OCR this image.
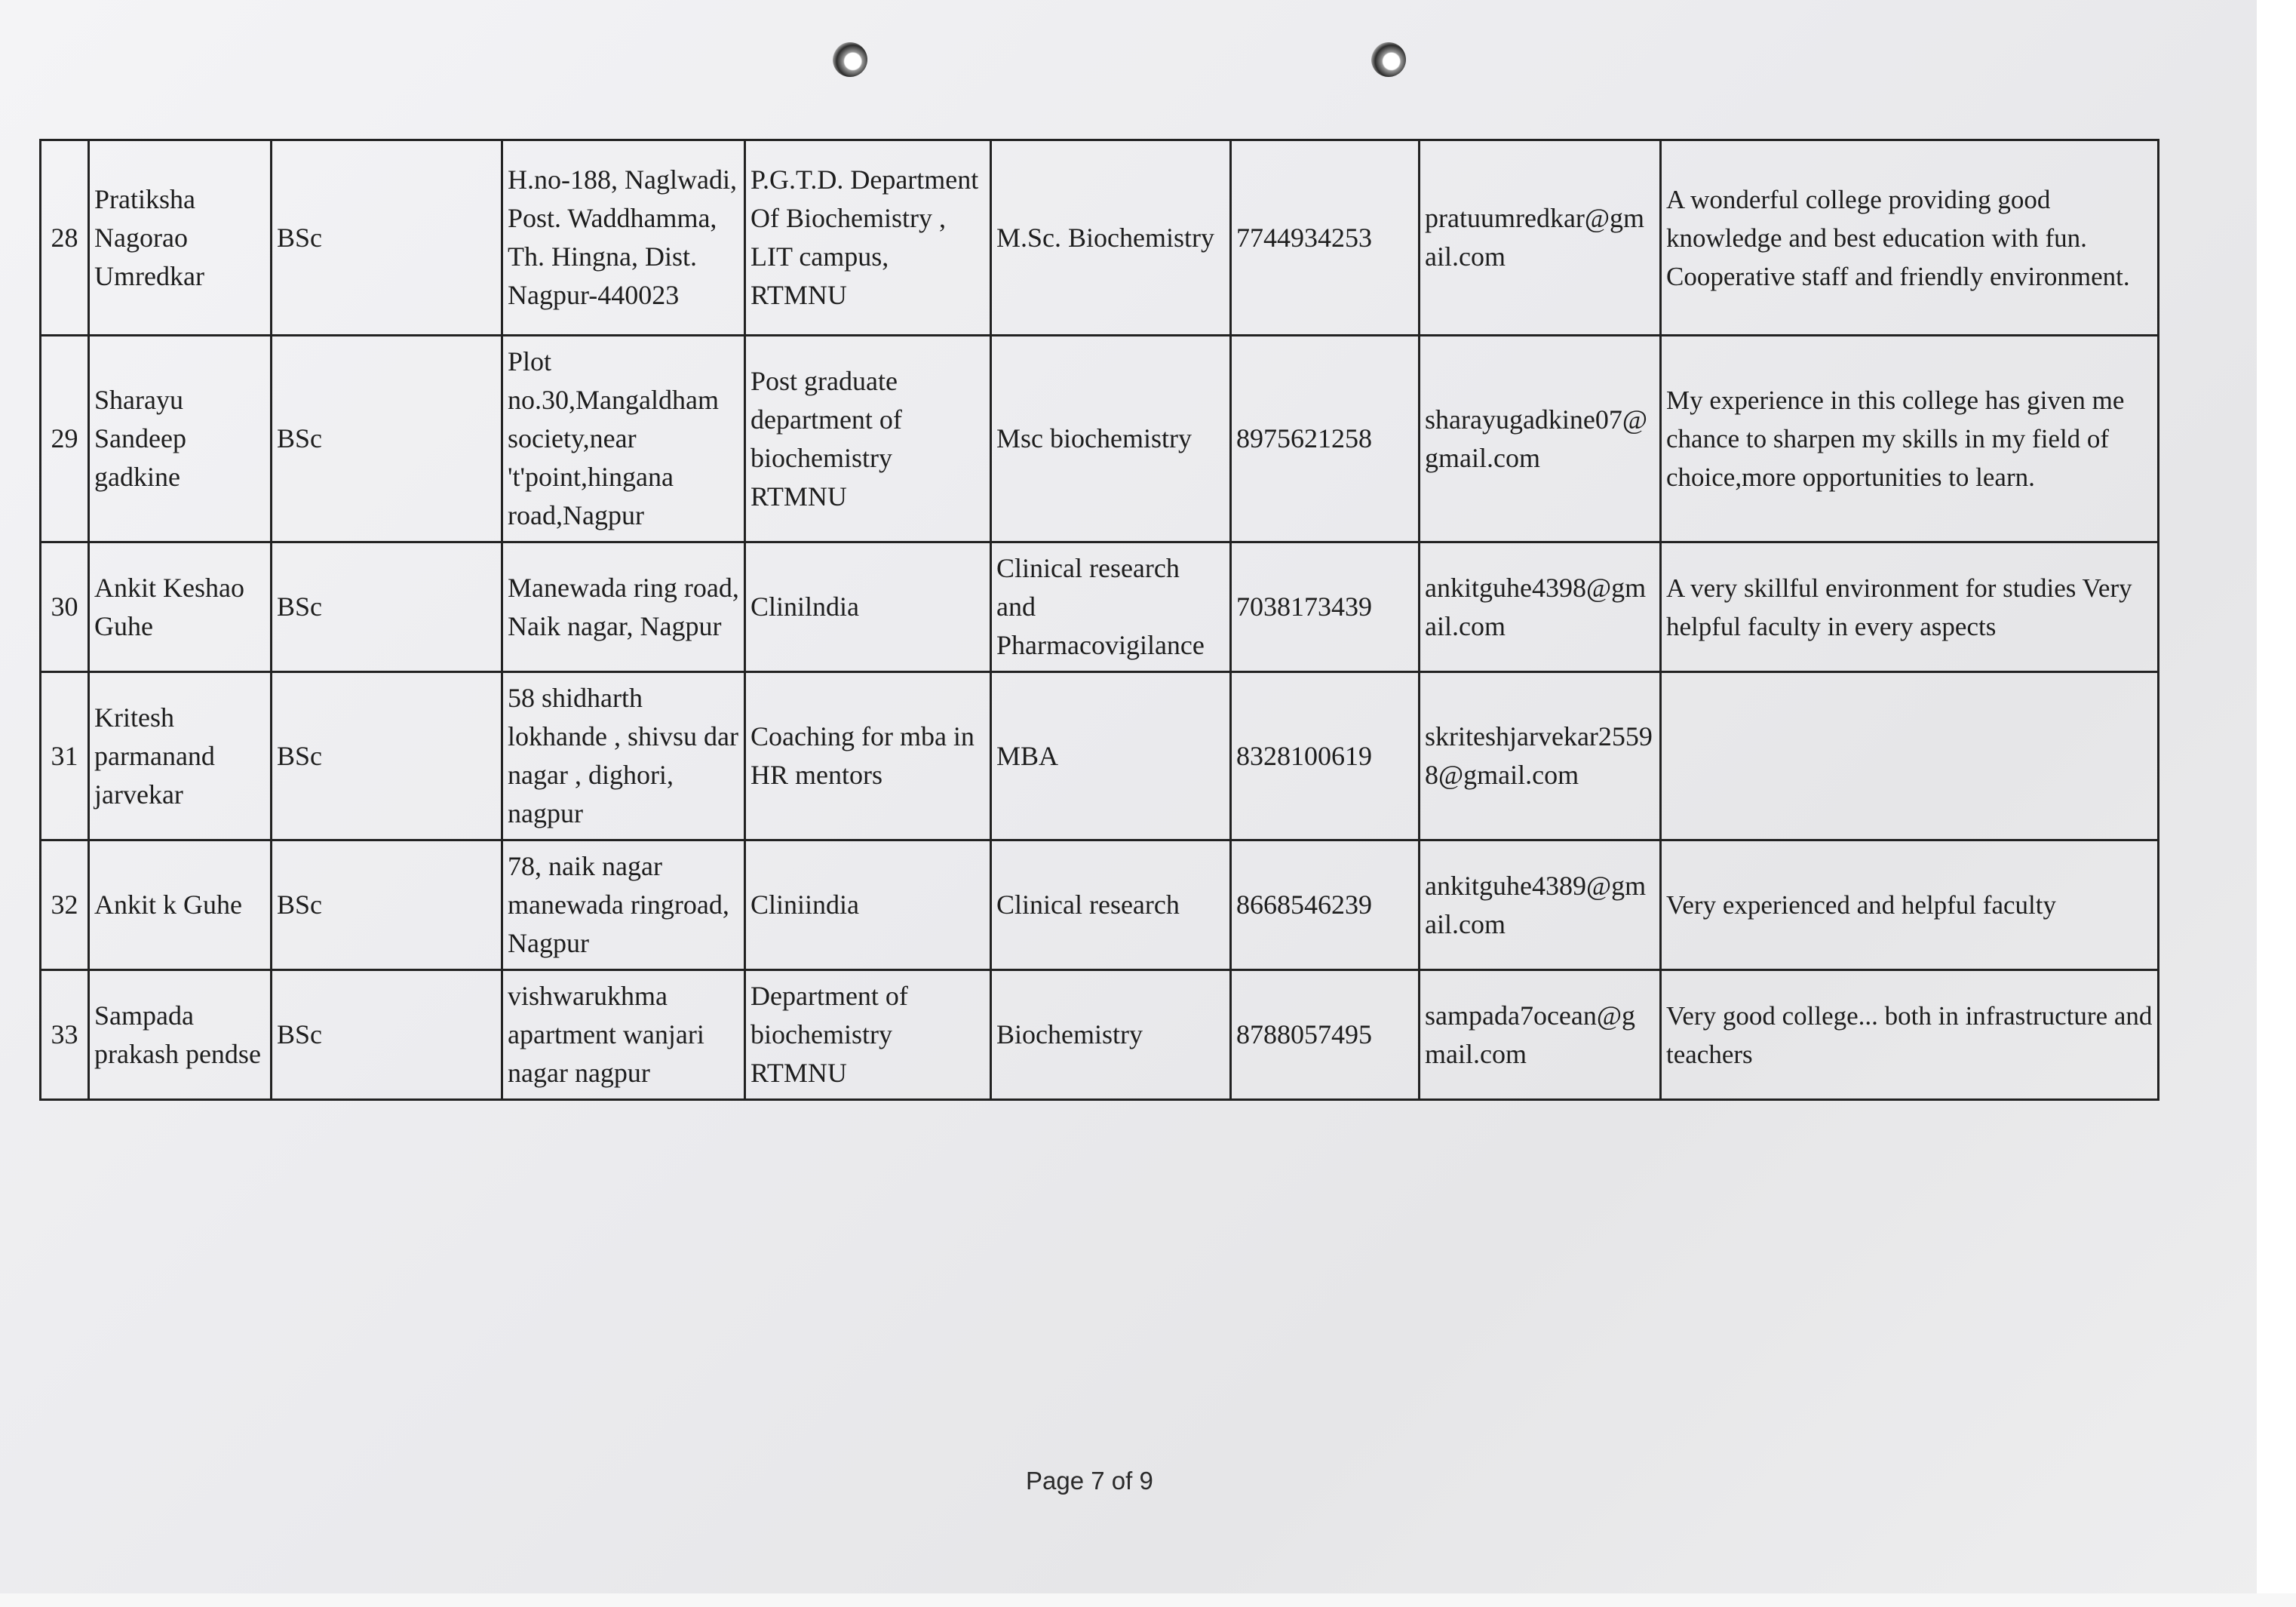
28	Pratiksha Nagorao Umredkar	BSc	H.no-188, Naglwadi, Post. Waddhamma, Th. Hingna, Dist. Nagpur-440023	P.G.T.D. Department Of Biochemistry , LIT campus, RTMNU	M.Sc. Biochemistry	7744934253	pratuumredkar@gmail.com	A wonderful college providing good knowledge and best education with fun. Cooperative staff and friendly environment.
29	Sharayu Sandeep gadkine	BSc	Plot no.30,Mangaldham society,near 't'point,hingana road,Nagpur	Post graduate department of biochemistry RTMNU	Msc biochemistry	8975621258	sharayugadkine07@gmail.com	My experience in this college has given me chance to sharpen my skills in my field of choice,more opportunities to learn.
30	Ankit Keshao Guhe	BSc	Manewada ring road, Naik nagar, Nagpur	Clinilndia	Clinical research and Pharmacovigilance	7038173439	ankitguhe4398@gmail.com	A very skillful environment for studies Very helpful faculty in every aspects
31	Kritesh parmanand jarvekar	BSc	58 shidharth lokhande , shivsu dar nagar , dighori, nagpur	Coaching for mba in HR mentors	MBA	8328100619	skriteshjarvekar25598@gmail.com	
32	Ankit k Guhe	BSc	78, naik nagar manewada ringroad, Nagpur	Cliniindia	Clinical research	8668546239	ankitguhe4389@gmail.com	Very experienced and helpful faculty
33	Sampada prakash pendse	BSc	vishwarukhma apartment wanjari nagar nagpur	Department of biochemistry RTMNU	Biochemistry	8788057495	sampada7ocean@gmail.com	Very good college... both in infrastructure and teachers
Page 7 of 9
